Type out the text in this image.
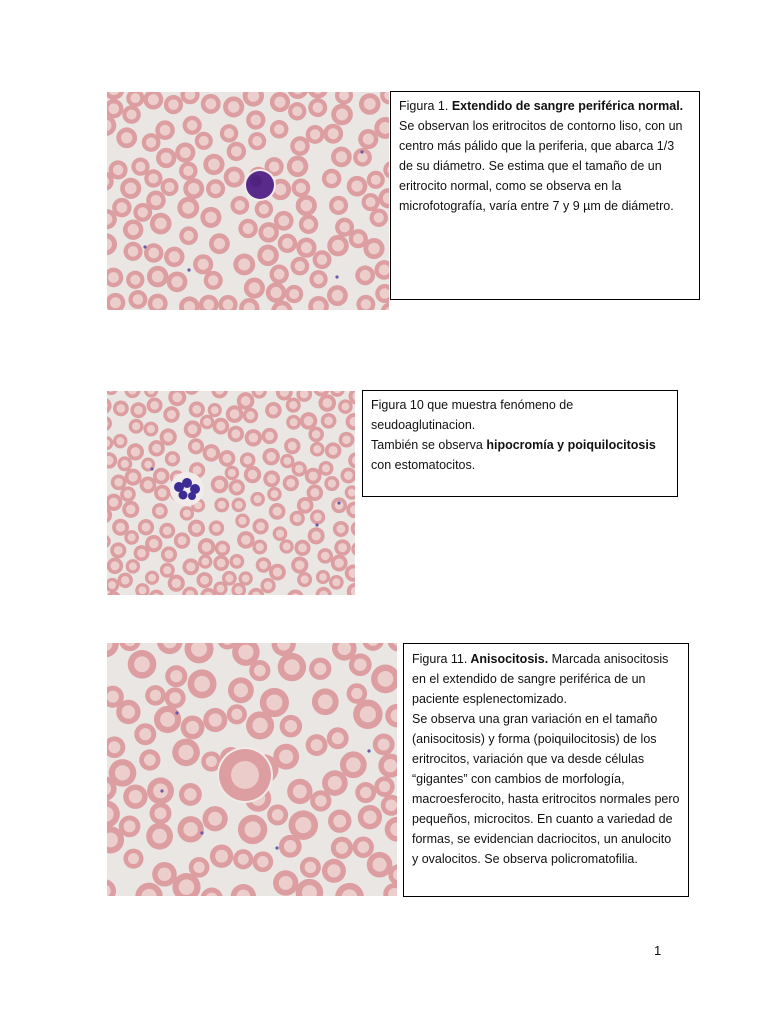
Figura 1. Extendido de sangre periférica normal. Se observan los eritrocitos de contorno liso, con un centro más pálido que la periferia, que abarca 1/3 de su diámetro. Se estima que el tamaño de un eritrocito normal, como se observa en la microfotografía, varía entre 7 y 9 µm de diámetro.
Figura 10 que muestra fenómeno de seudoaglutinacion.
También se observa hipocromía y poiquilocitosis con estomatocitos.
Figura 11. Anisocitosis. Marcada anisocitosis en el extendido de sangre periférica de un paciente esplenectomizado.
Se observa una gran variación en el tamaño (anisocitosis) y forma (poiquilocitosis) de los eritrocitos, variación que va desde células “gigantes” con cambios de morfología, macroesferocito, hasta eritrocitos normales pero pequeños, microcitos. En cuanto a variedad de formas, se evidencian dacriocitos, un anulocito y ovalocitos. Se observa policromatofilia.
1
